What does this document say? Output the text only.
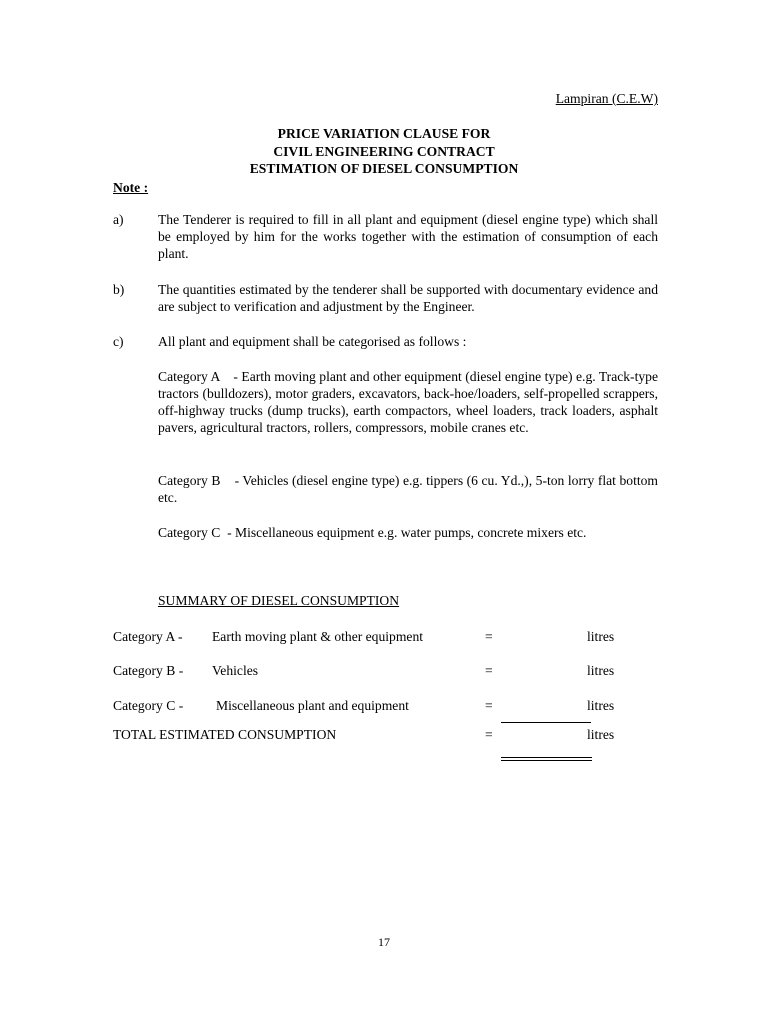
Lampiran (C.E.W)
PRICE VARIATION CLAUSE FOR
CIVIL ENGINEERING CONTRACT
ESTIMATION OF DIESEL CONSUMPTION
Note :
a)	The Tenderer is required to fill in all plant and equipment (diesel engine type) which shall be employed by him for the works together with the estimation of consumption of each plant.
b) The quantities estimated by the tenderer shall be supported with documentary evidence and are subject to verification and adjustment by the Engineer.
c)	All plant and equipment shall be categorised as follows :
Category A    - Earth moving plant and other equipment (diesel engine type) e.g. Track-type tractors (bulldozers), motor graders, excavators, back-hoe/loaders, self-propelled scrappers, off-highway trucks (dump trucks), earth compactors, wheel loaders, track loaders, asphalt pavers, agricultural tractors, rollers, compressors, mobile cranes etc.
Category B    - Vehicles (diesel engine type) e.g. tippers (6 cu. Yd.,), 5-ton lorry flat bottom etc.
Category C  - Miscellaneous equipment e.g. water pumps, concrete mixers etc.
SUMMARY OF DIESEL CONSUMPTION
Category A - Earth moving plant & other equipment	=	litres
Category B - Vehicles	=	litres
Category C - Miscellaneous plant and equipment	=	litres
TOTAL ESTIMATED CONSUMPTION	=	litres
17
